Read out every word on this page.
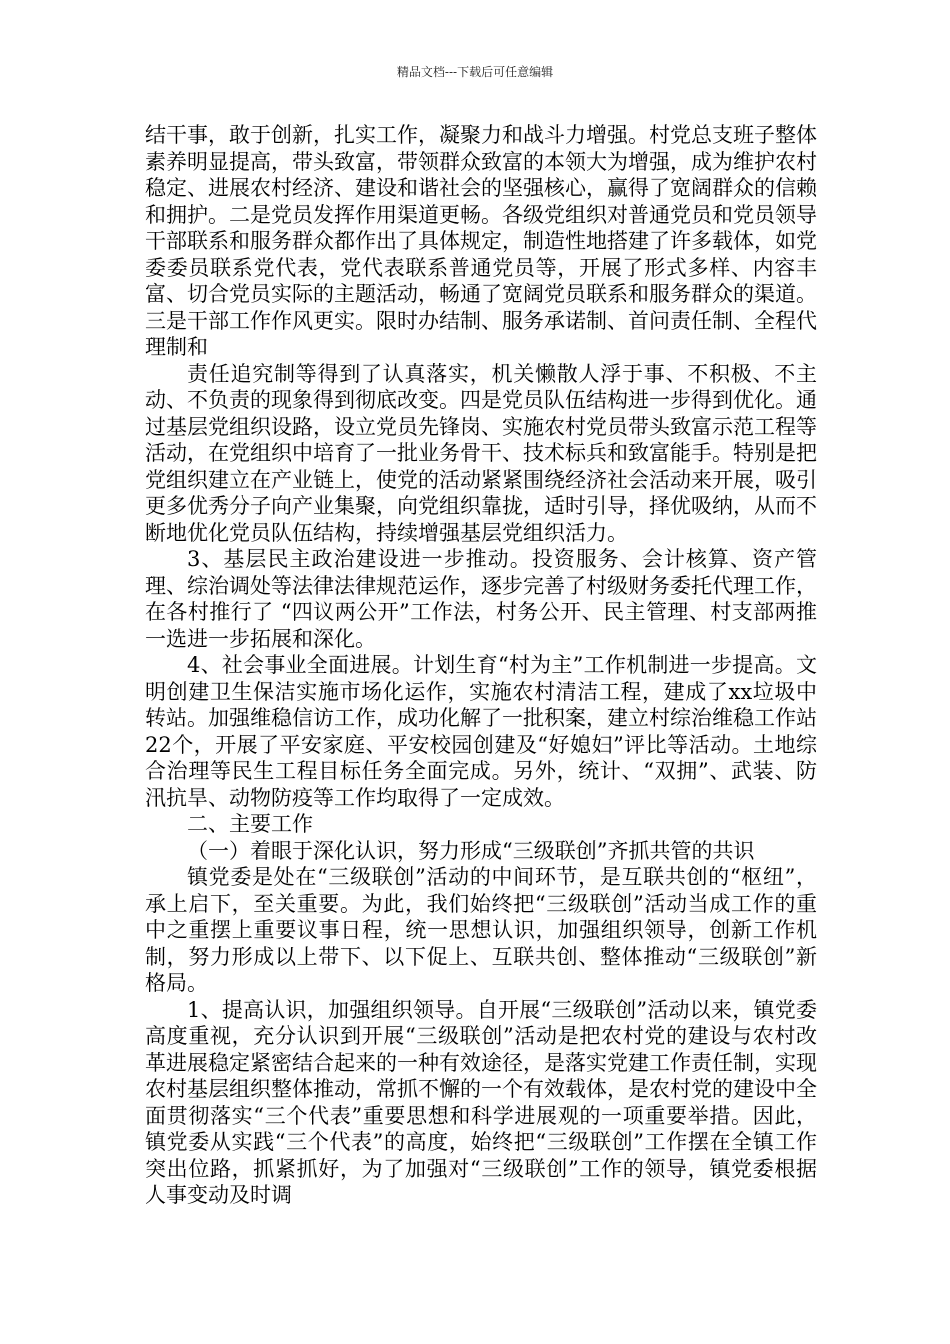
精品文档---下载后可任意编辑

结干事，敢于创新，扎实工作，凝聚力和战斗力增强。村党总支班子整体素养明显提高，带头致富，带领群众致富的本领大为增强，成为维护农村稳定、进展农村经济、建设和谐社会的坚强核心，赢得了宽阔群众的信赖和拥护。二是党员发挥作用渠道更畅。各级党组织对普通党员和党员领导干部联系和服务群众都作出了具体规定，制造性地搭建了许多载体，如党委委员联系党代表，党代表联系普通党员等，开展了形式多样、内容丰富、切合党员实际的主题活动，畅通了宽阔党员联系和服务群众的渠道。三是干部工作作风更实。限时办结制、服务承诺制、首问责任制、全程代理制和

责任追究制等得到了认真落实，机关懒散人浮于事、不积极、不主动、不负责的现象得到彻底改变。四是党员队伍结构进一步得到优化。通过基层党组织设路，设立党员先锋岗、实施农村党员带头致富示范工程等活动，在党组织中培育了一批业务骨干、技术标兵和致富能手。特别是把党组织建立在产业链上，使党的活动紧紧围绕经济社会活动来开展，吸引更多优秀分子向产业集聚，向党组织靠拢，适时引导，择优吸纳，从而不断地优化党员队伍结构，持续增强基层党组织活力。

3、基层民主政治建设进一步推动。投资服务、会计核算、资产管理、综治调处等法律法律规范运作，逐步完善了村级财务委托代理工作，在各村推行了 “四议两公开”工作法，村务公开、民主管理、村支部两推一选进一步拓展和深化。

4、社会事业全面进展。计划生育“村为主”工作机制进一步提高。文明创建卫生保洁实施市场化运作，实施农村清洁工程，建成了xx垃圾中转站。加强维稳信访工作，成功化解了一批积案，建立村综治维稳工作站22个，开展了平安家庭、平安校园创建及“好媳妇”评比等活动。土地综合治理等民生工程目标任务全面完成。另外，统计、“双拥”、武装、防汛抗旱、动物防疫等工作均取得了一定成效。

二、主要工作

（一）着眼于深化认识，努力形成“三级联创”齐抓共管的共识

镇党委是处在“三级联创”活动的中间环节，是互联共创的“枢纽”，承上启下，至关重要。为此，我们始终把“三级联创”活动当成工作的重中之重摆上重要议事日程，统一思想认识，加强组织领导，创新工作机制，努力形成以上带下、以下促上、互联共创、整体推动“三级联创”新格局。

1、提高认识，加强组织领导。自开展“三级联创”活动以来，镇党委高度重视，充分认识到开展“三级联创”活动是把农村党的建设与农村改革进展稳定紧密结合起来的一种有效途径，是落实党建工作责任制，实现农村基层组织整体推动，常抓不懈的一个有效载体，是农村党的建设中全面贯彻落实“三个代表”重要思想和科学进展观的一项重要举措。因此，镇党委从实践“三个代表”的高度，始终把“三级联创”工作摆在全镇工作突出位路，抓紧抓好，为了加强对“三级联创”工作的领导，镇党委根据人事变动及时调
